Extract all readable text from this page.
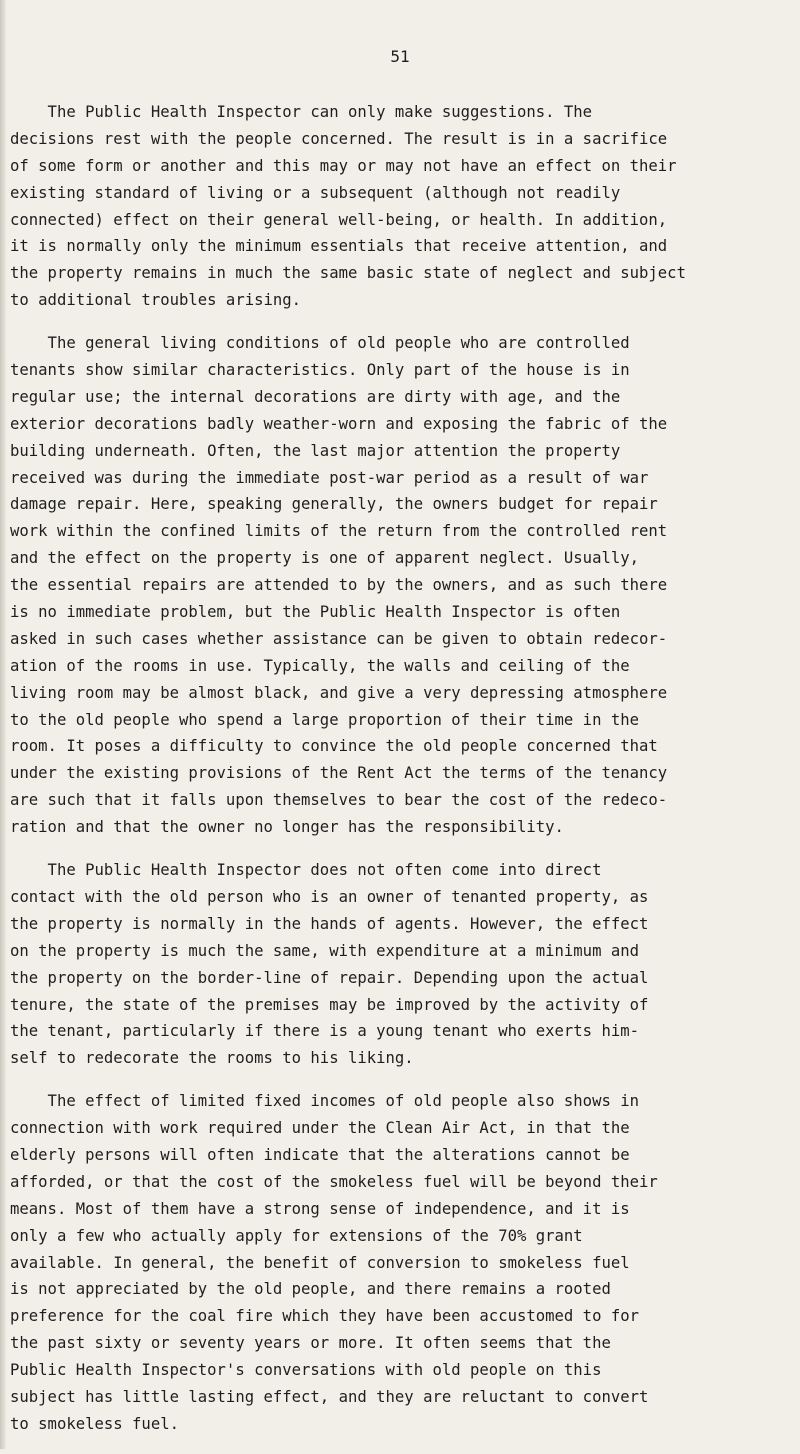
51
The Public Health Inspector can only make suggestions. The
decisions rest with the people concerned. The result is in a sacrifice
of some form or another and this may or may not have an effect on their
existing standard of living or a subsequent (although not readily
connected) effect on their general well-being, or health. In addition,
it is normally only the minimum essentials that receive attention, and
the property remains in much the same basic state of neglect and subject
to additional troubles arising.
The general living conditions of old people who are controlled
tenants show similar characteristics. Only part of the house is in
regular use; the internal decorations are dirty with age, and the
exterior decorations badly weather-worn and exposing the fabric of the
building underneath. Often, the last major attention the property
received was during the immediate post-war period as a result of war
damage repair. Here, speaking generally, the owners budget for repair
work within the confined limits of the return from the controlled rent
and the effect on the property is one of apparent neglect. Usually,
the essential repairs are attended to by the owners, and as such there
is no immediate problem, but the Public Health Inspector is often
asked in such cases whether assistance can be given to obtain redecor-
ation of the rooms in use. Typically, the walls and ceiling of the
living room may be almost black, and give a very depressing atmosphere
to the old people who spend a large proportion of their time in the
room. It poses a difficulty to convince the old people concerned that
under the existing provisions of the Rent Act the terms of the tenancy
are such that it falls upon themselves to bear the cost of the redeco-
ration and that the owner no longer has the responsibility.
The Public Health Inspector does not often come into direct
contact with the old person who is an owner of tenanted property, as
the property is normally in the hands of agents. However, the effect
on the property is much the same, with expenditure at a minimum and
the property on the border-line of repair. Depending upon the actual
tenure, the state of the premises may be improved by the activity of
the tenant, particularly if there is a young tenant who exerts him-
self to redecorate the rooms to his liking.
The effect of limited fixed incomes of old people also shows in
connection with work required under the Clean Air Act, in that the
elderly persons will often indicate that the alterations cannot be
afforded, or that the cost of the smokeless fuel will be beyond their
means. Most of them have a strong sense of independence, and it is
only a few who actually apply for extensions of the 70% grant
available. In general, the benefit of conversion to smokeless fuel
is not appreciated by the old people, and there remains a rooted
preference for the coal fire which they have been accustomed to for
the past sixty or seventy years or more. It often seems that the
Public Health Inspector's conversations with old people on this
subject has little lasting effect, and they are reluctant to convert
to smokeless fuel.
